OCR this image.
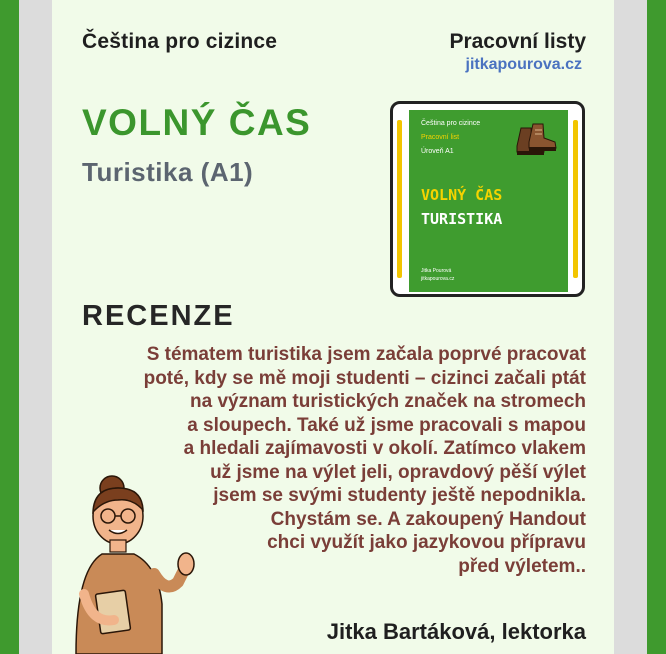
Čeština pro cizince	Pracovní listy
jitkapourova.cz
VOLNÝ ČAS
Turistika (A1)
Čeština pro cizince
Pracovní list
Úroveň A1
VOLNÝ ČAS
TURISTIKA
Jitka Pourová
jitkapourova.cz
RECENZE
S tématem turistika jsem začala poprvé pracovat
poté, kdy se mě moji studenti – cizinci začali ptát
na význam turistických značek na stromech
a sloupech. Také už jsme pracovali s mapou
a hledali zajímavosti v okolí. Zatímco vlakem
už jsme na výlet jeli, opravdový pěší výlet
jsem se svými studenty ještě nepodnikla.
Chystám se. A zakoupený Handout
chci využít jako jazykovou přípravu
před výletem..
Jitka Bartáková, lektorka
